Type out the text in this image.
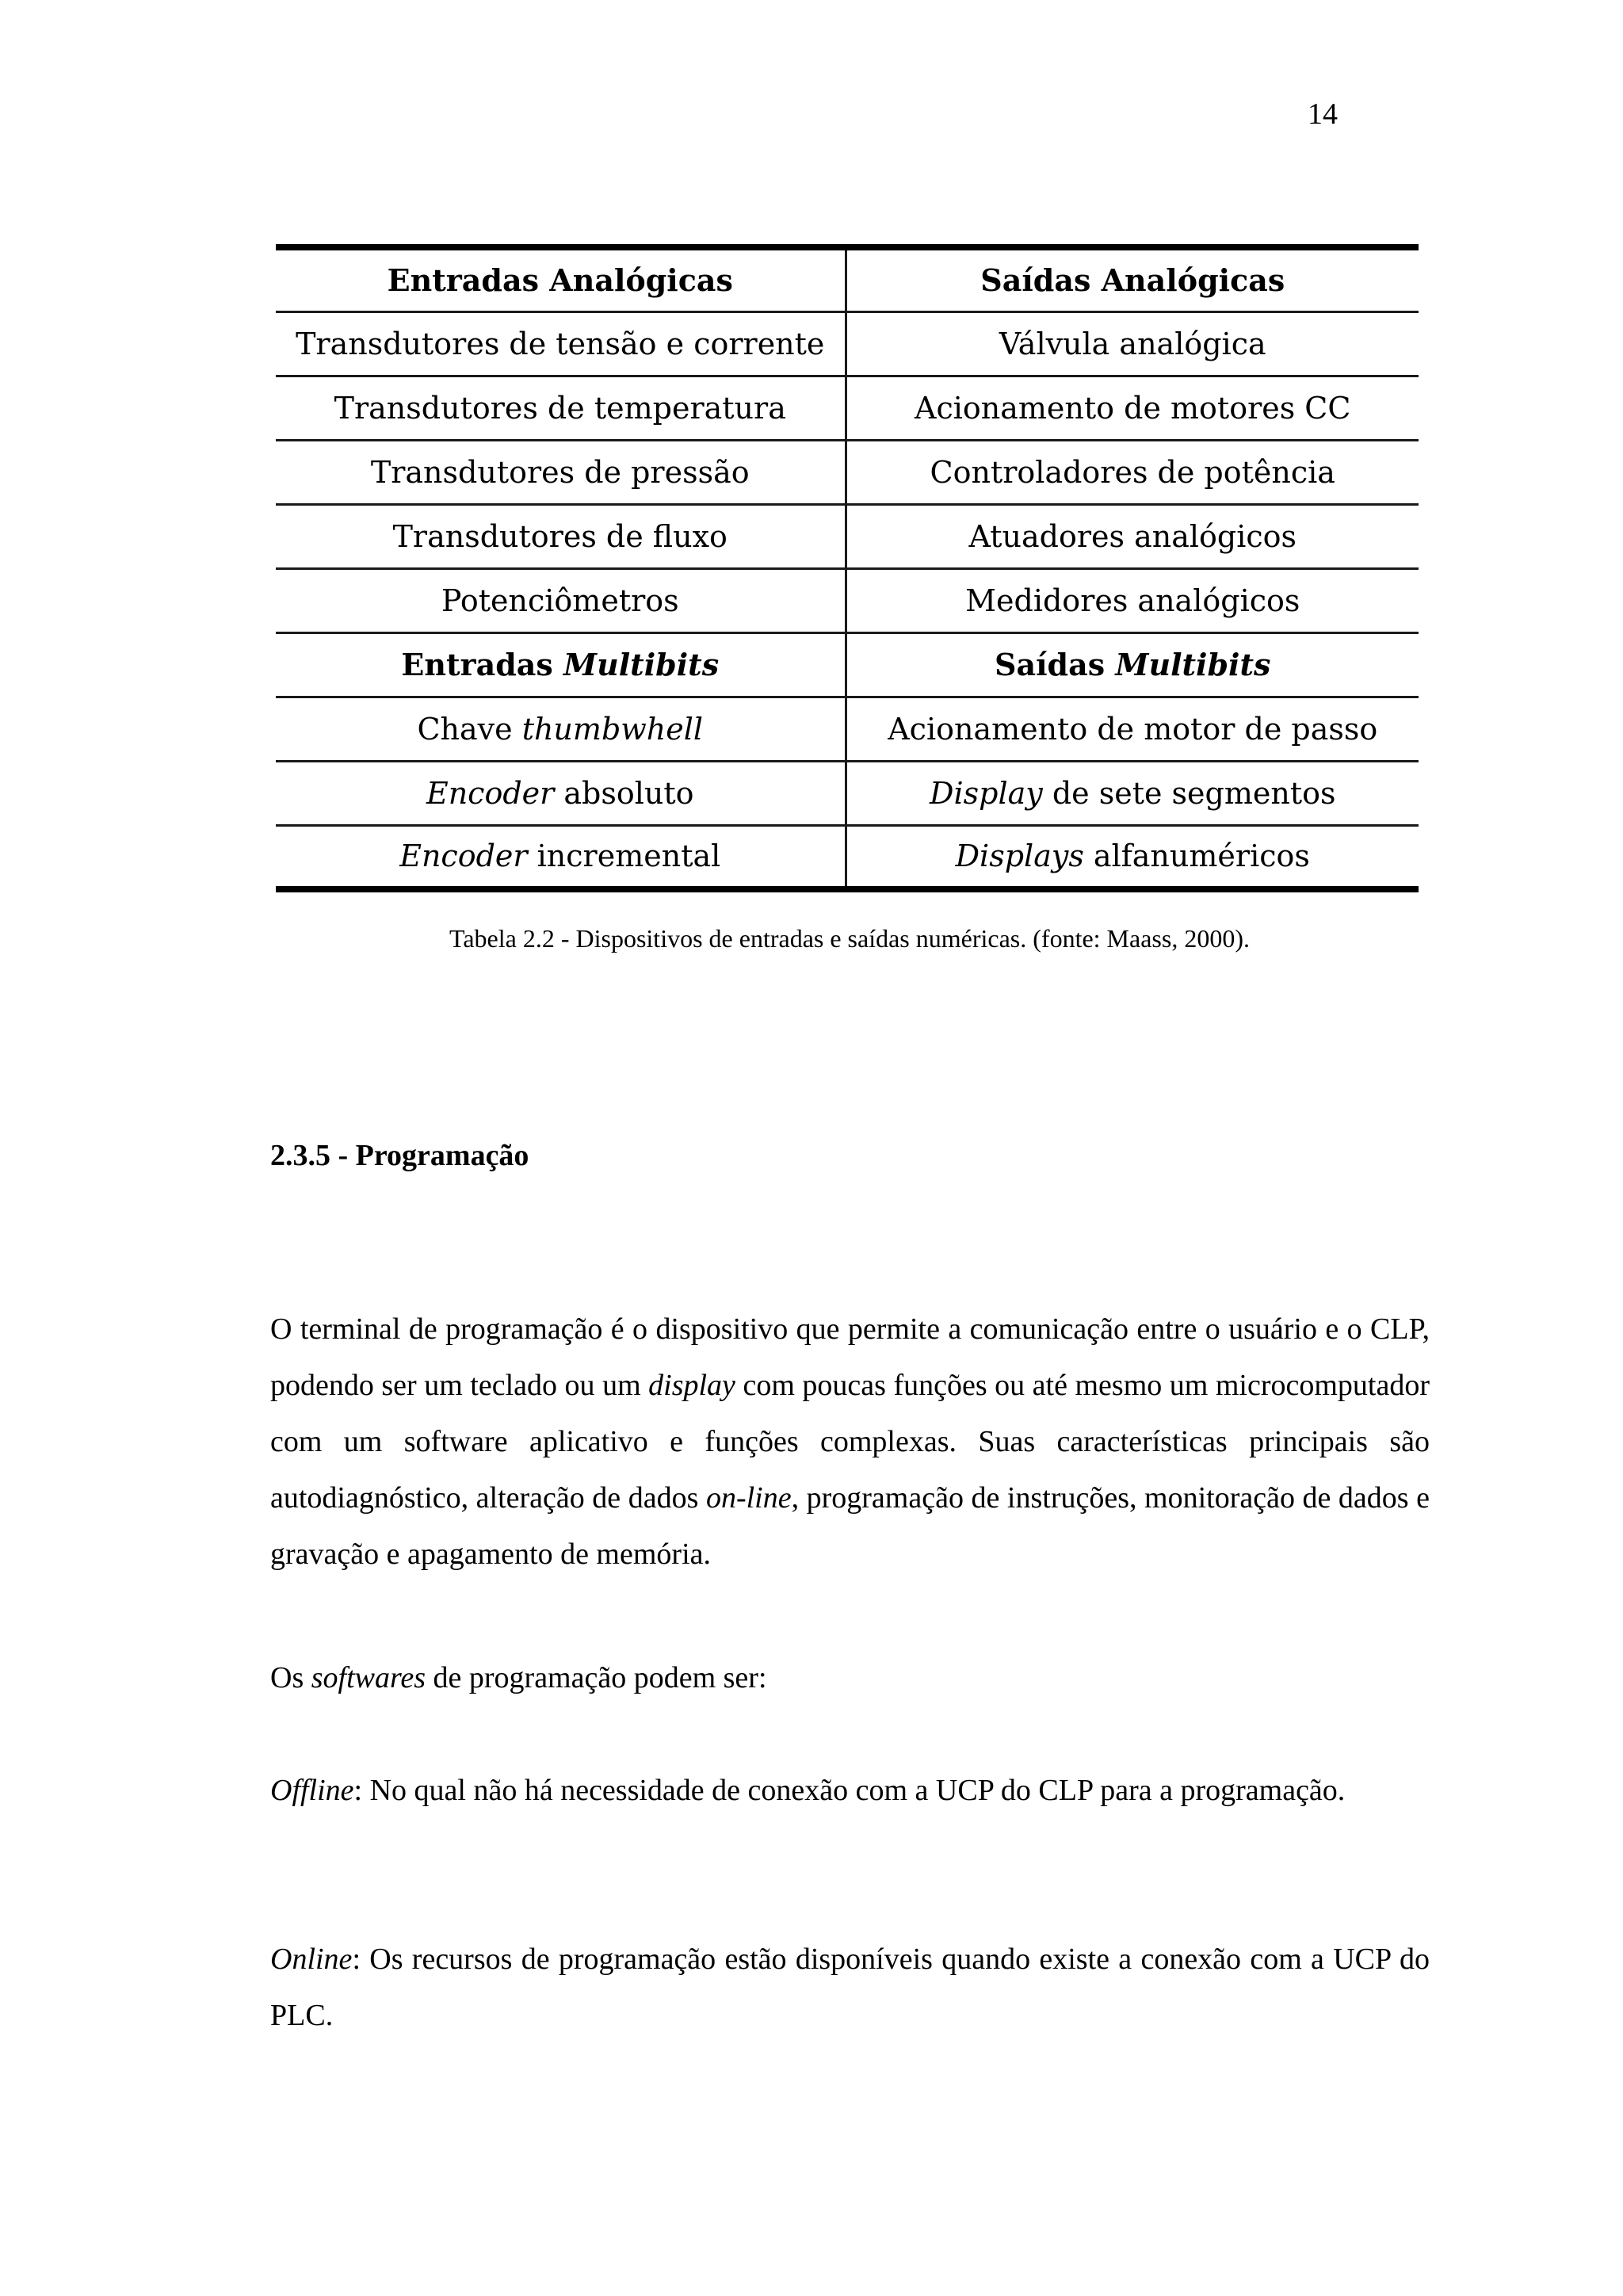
14
Entradas Analógicas	Saídas Analógicas
Transdutores de tensão e corrente	Válvula analógica
Transdutores de temperatura	Acionamento de motores CC
Transdutores de pressão	Controladores de potência
Transdutores de fluxo	Atuadores analógicos
Potenciômetros	Medidores analógicos
Entradas Multibits	Saídas Multibits
Chave thumbwhell	Acionamento de motor de passo
Encoder absoluto	Display de sete segmentos
Encoder incremental	Displays alfanuméricos
Tabela 2.2 - Dispositivos de entradas e saídas numéricas. (fonte: Maass, 2000).
2.3.5 - Programação

O terminal de programação é o dispositivo que permite a comunicação entre o usuário e o CLP, podendo ser um teclado ou um display com poucas funções ou até mesmo um microcomputador com um software aplicativo e funções complexas. Suas características principais são autodiagnóstico, alteração de dados on-line, programação de instruções, monitoração de dados e gravação e apagamento de memória.

Os softwares de programação podem ser:

Offline: No qual não há necessidade de conexão com a UCP do CLP para a programação.

Online: Os recursos de programação estão disponíveis quando existe a conexão com a UCP do PLC.
